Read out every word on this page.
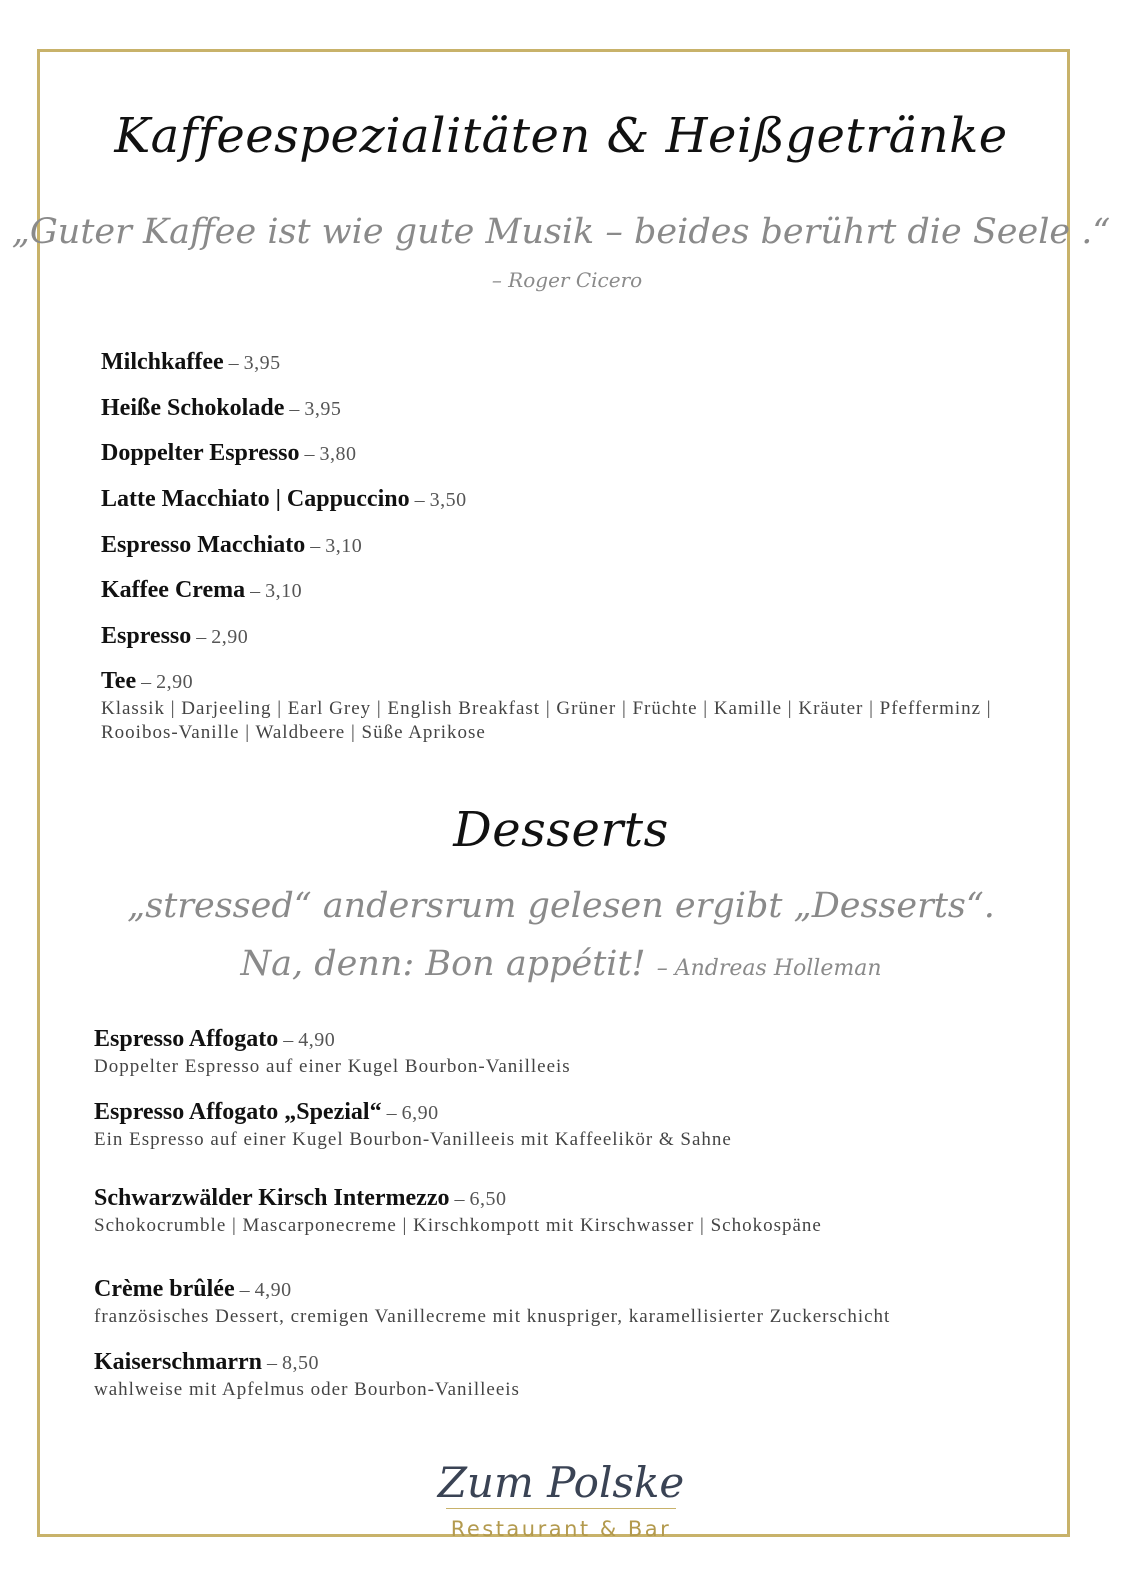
Kaffeespezialitäten & Heißgetränke
„Guter Kaffee ist wie gute Musik – beides berührt die Seele .“
– Roger Cicero
Milchkaffee – 3,95
Heiße Schokolade – 3,95
Doppelter Espresso – 3,80
Latte Macchiato | Cappuccino – 3,50
Espresso Macchiato – 3,10
Kaffee Crema – 3,10
Espresso – 2,90
Tee – 2,90
Klassik | Darjeeling | Earl Grey | English Breakfast | Grüner | Früchte | Kamille | Kräuter | Pfefferminz | Rooibos-Vanille | Waldbeere | Süße Aprikose
Desserts
„stressed“ andersrum gelesen ergibt „Desserts“.
Na, denn: Bon appétit! – Andreas Holleman
Espresso Affogato – 4,90
Doppelter Espresso auf einer Kugel Bourbon-Vanilleeis
Espresso Affogato „Spezial“ – 6,90
Ein Espresso auf einer Kugel Bourbon-Vanilleeis mit Kaffeelikör & Sahne
Schwarzwälder Kirsch Intermezzo – 6,50
Schokocrumble | Mascarponecreme | Kirschkompott mit Kirschwasser | Schokospäne
Crème brûlée – 4,90
französisches Dessert, cremigen Vanillecreme mit knuspriger, karamellisierter Zuckerschicht
Kaiserschmarrn – 8,50
wahlweise mit Apfelmus oder Bourbon-Vanilleeis
Zum Polske
Restaurant & Bar
